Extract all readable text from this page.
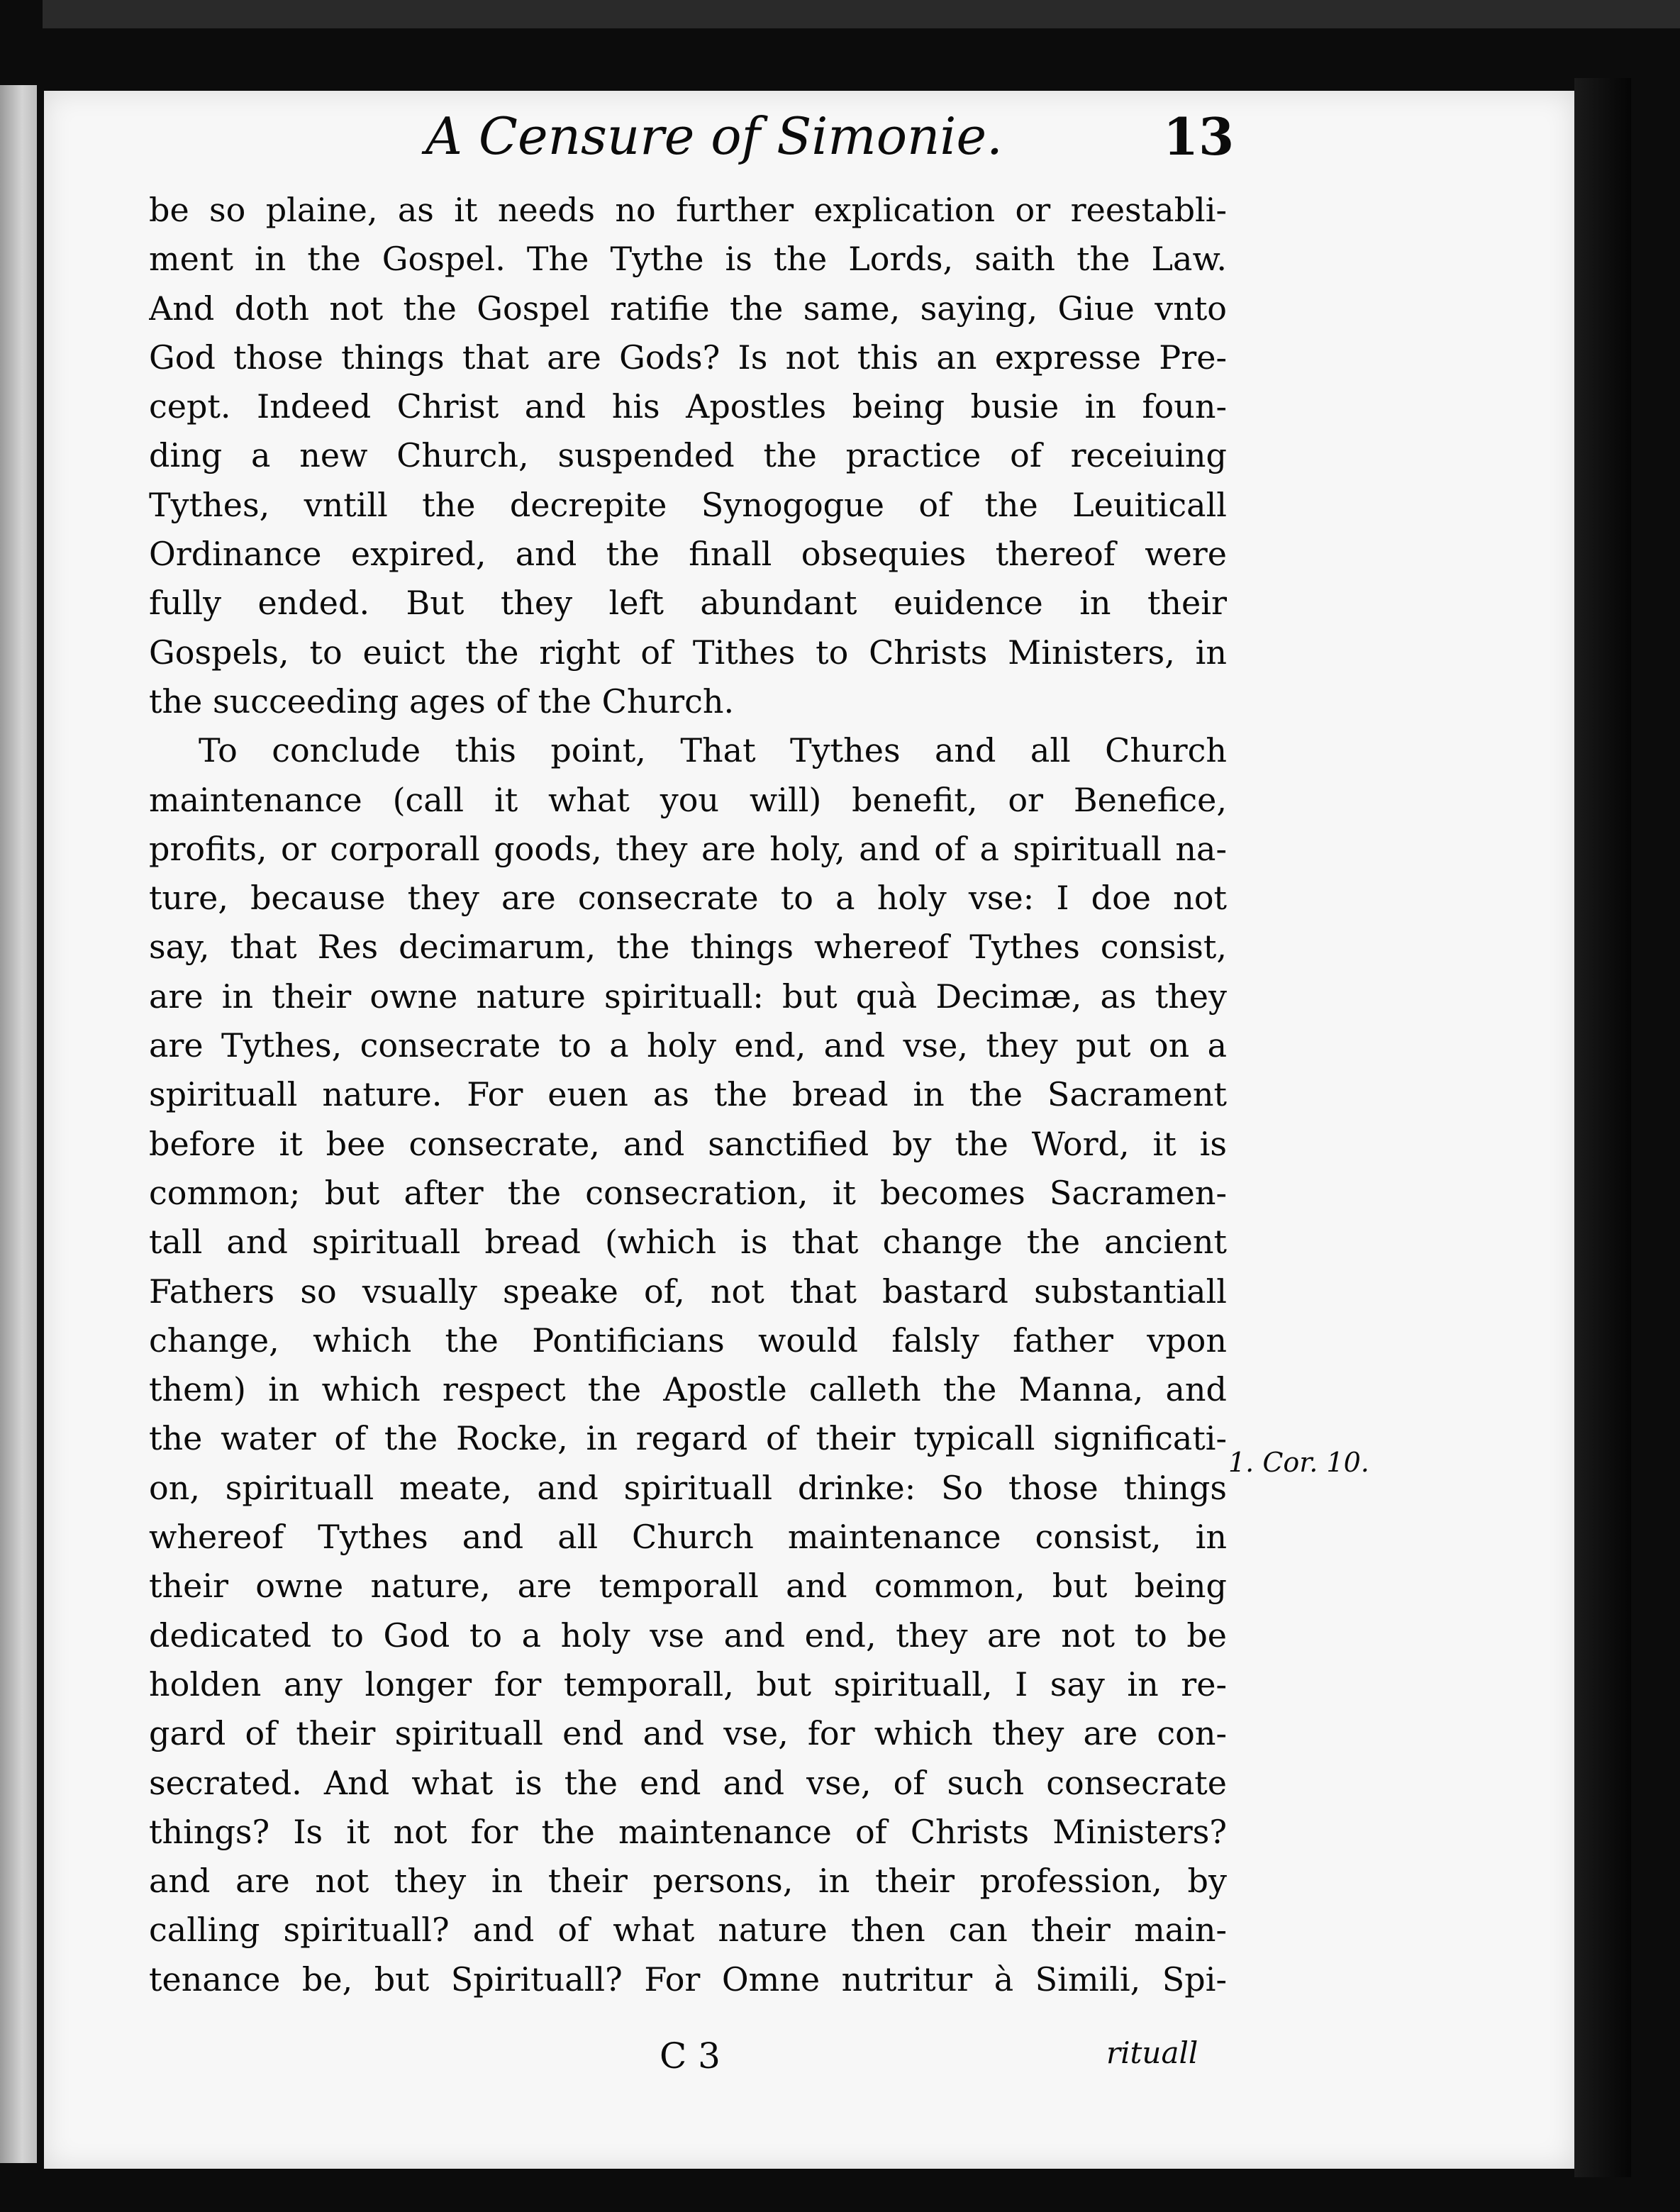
A Censure of Simonie.	13
be so plaine, as it needs no further explication or reestabli-
ment in the Gospel. The Tythe is the Lords, saith the Law.
And doth not the Gospel ratifie the same, saying, Giue vnto
God those things that are Gods? Is not this an expresse Pre-
cept. Indeed Christ and his Apostles being busie in foun-
ding a new Church, suspended the practice of receiuing
Tythes, vntill the decrepite Synogogue of the Leuiticall
Ordinance expired, and the finall obsequies thereof were
fully ended. But they left abundant euidence in their
Gospels, to euict the right of Tithes to Christs Ministers, in
the succeeding ages of the Church.
To conclude this point, That Tythes and all Church
maintenance (call it what you will) benefit, or Benefice,
profits, or corporall goods, they are holy, and of a spirituall na-
ture, because they are consecrate to a holy vse: I doe not
say, that Res decimarum, the things whereof Tythes consist,
are in their owne nature spirituall: but quà Decimæ, as they
are Tythes, consecrate to a holy end, and vse, they put on a
spirituall nature. For euen as the bread in the Sacrament
before it bee consecrate, and sanctified by the Word, it is
common; but after the consecration, it becomes Sacramen-
tall and spirituall bread (which is that change the ancient
Fathers so vsually speake of, not that bastard substantiall
change, which the Pontificians would falsly father vpon
them) in which respect the Apostle calleth the Manna, and
the water of the Rocke, in regard of their typicall significati-
on, spirituall meate, and spirituall drinke: So those things
whereof Tythes and all Church maintenance consist, in
their owne nature, are temporall and common, but being
dedicated to God to a holy vse and end, they are not to be
holden any longer for temporall, but spirituall, I say in re-
gard of their spirituall end and vse, for which they are con-
secrated. And what is the end and vse, of such consecrate
things? Is it not for the maintenance of Christs Ministers?
and are not they in their persons, in their profession, by
calling spirituall? and of what nature then can their main-
tenance be, but Spirituall? For Omne nutritur à Simili, Spi-
1. Cor. 10.
C 3	rituall
